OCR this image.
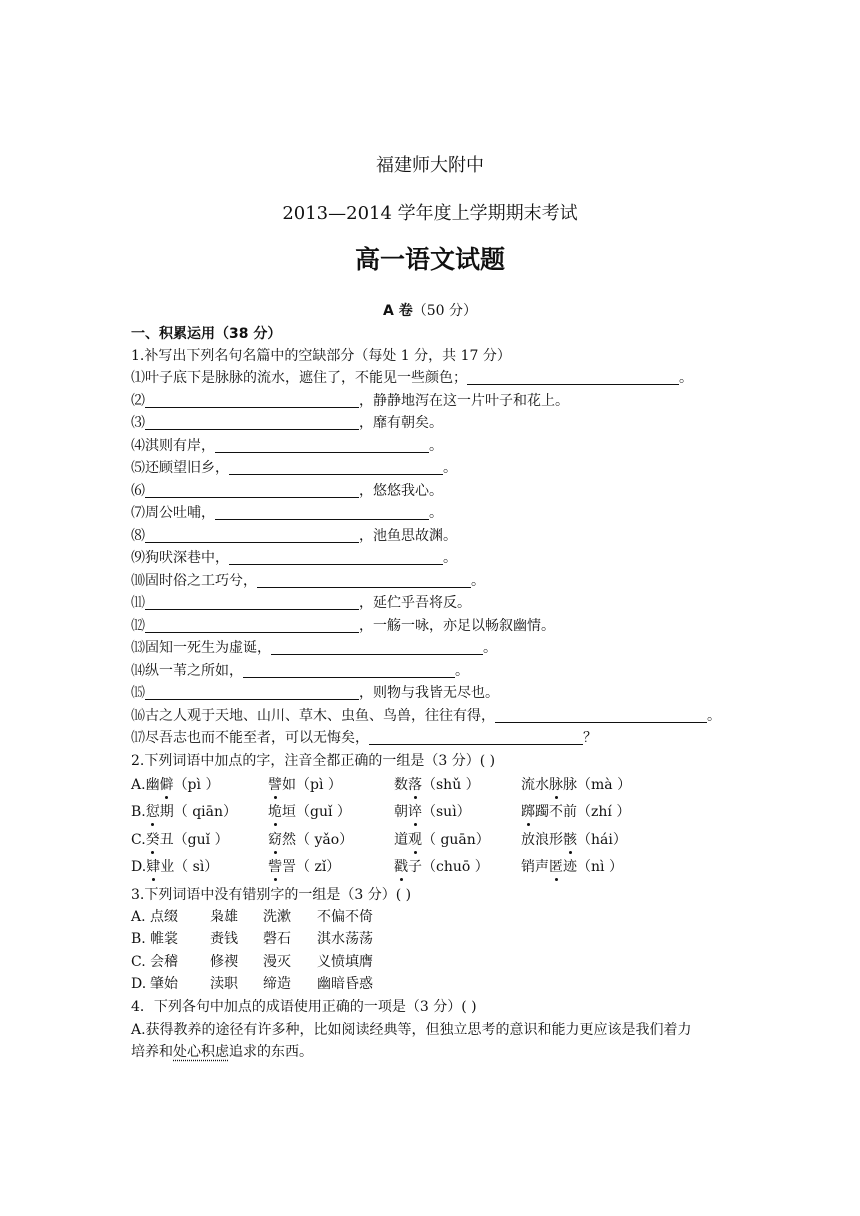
福建师大附中
2013—2014 学年度上学期期末考试
高一语文试题
A 卷（50 分）
一、积累运用（38 分）
1.补写出下列名句名篇中的空缺部分（每处 1 分，共 17 分）
⑴叶子底下是脉脉的流水，遮住了，不能见一些颜色；	。
⑵	，静静地泻在这一片叶子和花上。
⑶	，靡有朝矣。
⑷淇则有岸，	。
⑸还顾望旧乡，	。
⑹	，悠悠我心。
⑺周公吐哺，	。
⑻	，池鱼思故渊。
⑼狗吠深巷中，	。
⑽固时俗之工巧兮，	。
⑾	，延伫乎吾将反。
⑿	，一觞一咏，亦足以畅叙幽情。
⒀固知一死生为虚诞，	。
⒁纵一苇之所如，	。
⒂	，则物与我皆无尽也。
⒃古之人观于天地、山川、草木、虫鱼、鸟兽，往往有得，	。
⒄尽吾志也而不能至者，可以无悔矣，	？
2.下列词语中加点的字，注音全都正确的一组是（3 分）( )
A.幽僻（pì ）	譬如（pì ）	数落（shǔ ）	流水脉脉（mà ）
B.愆期（ qiān） 垝垣（guǐ ）	朝谇（suì）	踯躅不前（zhí ）
C.癸丑（guǐ ）	窈然（ yǎo）	道观（ guān） 放浪形骸（hái）
D.肄业（ sì）	訾詈（ zǐ）	戳子（chuō ） 销声匿迹（nì ）
3.下列词语中没有错别字的一组是（3 分）( )
A. 点缀 枭雄 洗漱 不偏不倚
B. 帷裳 赉钱 磬石 淇水荡荡
C. 会稽 修禊 漫灭 义愤填膺
D. 肇始 渎职 缔造 幽暗昏惑
4．下列各句中加点的成语使用正确的一项是（3 分）( )
A.获得教养的途径有许多种，比如阅读经典等，但独立思考的意识和能力更应该是我们着力
培养和处心积虑追求的东西。
